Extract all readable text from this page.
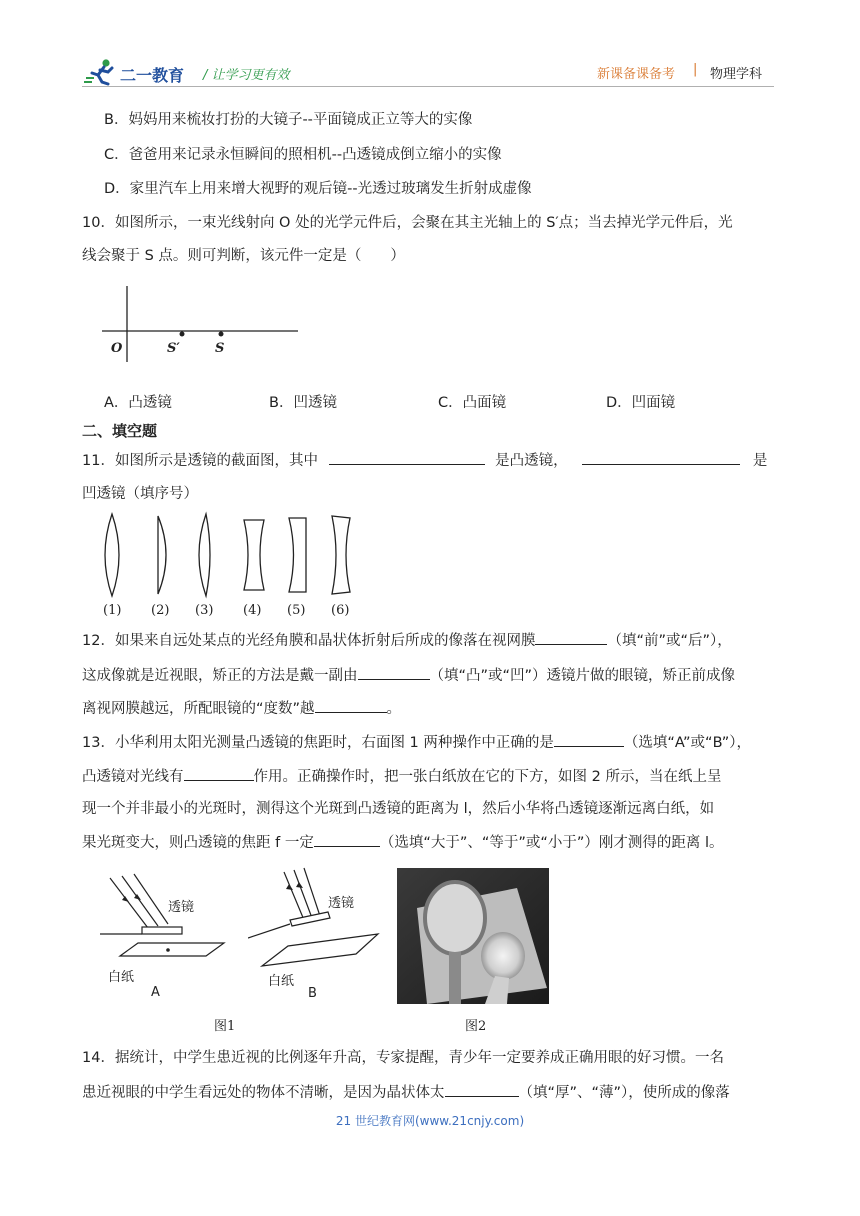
二一教育 / 让学习更有效	新课备课备考 | 物理学科
B．妈妈用来梳妆打扮的大镜子--平面镜成正立等大的实像
C．爸爸用来记录永恒瞬间的照相机--凸透镜成倒立缩小的实像
D．家里汽车上用来增大视野的观后镜--光透过玻璃发生折射成虚像
10．如图所示，一束光线射向 O 处的光学元件后，会聚在其主光轴上的 S′点；当去掉光学元件后，光
线会聚于 S 点。则可判断，该元件一定是（　　）
O	S′	S
A．凸透镜	B．凹透镜	C．凸面镜	D．凹面镜
二、填空题
11．如图所示是透镜的截面图，其中	是凸透镜，	是
凹透镜（填序号）
(1) (2) (3) (4) (5) (6)
12．如果来自远处某点的光经角膜和晶状体折射后所成的像落在视网膜	（填“前”或“后”），
这成像就是近视眼，矫正的方法是戴一副由	（填“凸”或“凹”）透镜片做的眼镜，矫正前成像
离视网膜越远，所配眼镜的“度数”越	。
13．小华利用太阳光测量凸透镜的焦距时，右面图 1 两种操作中正确的是	（选填“A”或“B”），
凸透镜对光线有	作用。正确操作时，把一张白纸放在它的下方，如图 2 所示，当在纸上呈
现一个并非最小的光斑时，测得这个光斑到凸透镜的距离为 l，然后小华将凸透镜逐渐远离白纸，如
果光斑变大，则凸透镜的焦距 f 一定	（选填“大于”、“等于”或“小于”）刚才测得的距离 l。
透镜
白纸
A
透镜
白纸
B
图1	图2
14．据统计，中学生患近视的比例逐年升高，专家提醒，青少年一定要养成正确用眼的好习惯。一名
患近视眼的中学生看远处的物体不清晰，是因为晶状体太	（填“厚”、“薄”），使所成的像落
21 世纪教育网(www.21cnjy.com)
